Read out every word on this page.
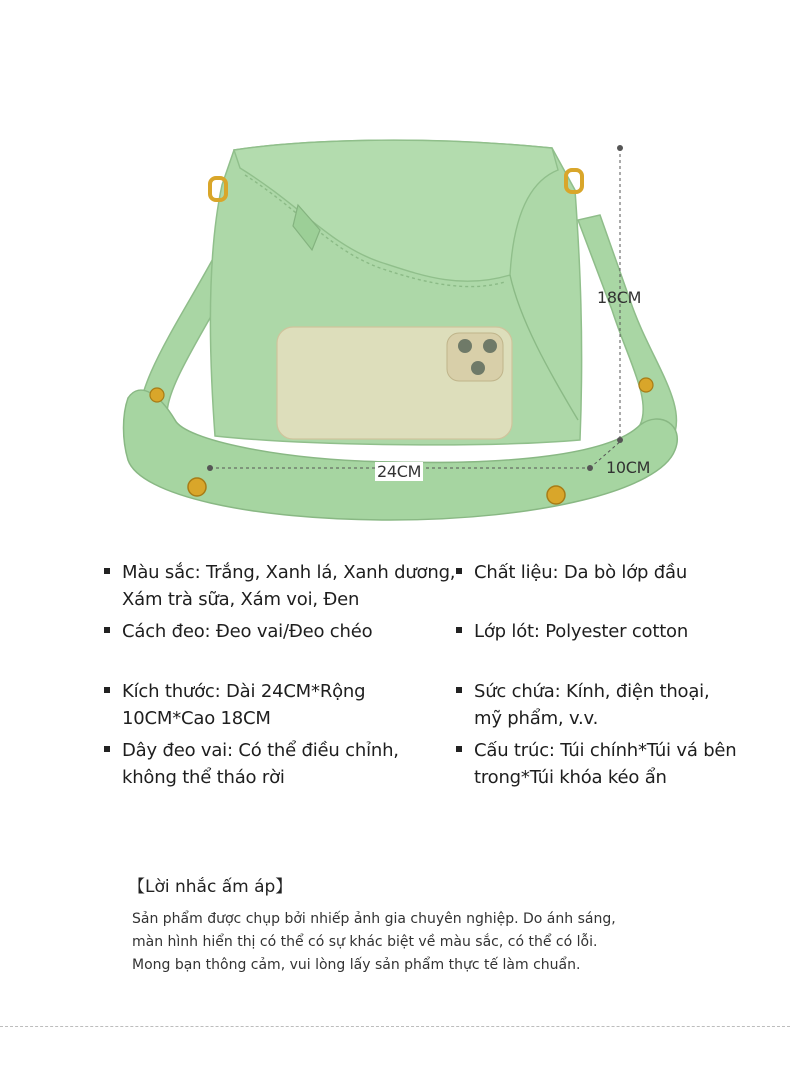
18CM
24CM	10CM
Màu sắc: Trắng, Xanh lá, Xanh dương,
Xám trà sữa, Xám voi, Đen
Chất liệu: Da bò lớp đầu
Cách đeo: Đeo vai/Đeo chéo	Lớp lót: Polyester cotton
Kích thước: Dài 24CM*Rộng
10CM*Cao 18CM
Sức chứa: Kính, điện thoại,
mỹ phẩm, v.v.
Dây đeo vai: Có thể điều chỉnh,
không thể tháo rời
Cấu trúc: Túi chính*Túi vá bên
trong*Túi khóa kéo ẩn
【Lời nhắc ấm áp】
Sản phẩm được chụp bởi nhiếp ảnh gia chuyên nghiệp. Do ánh sáng,
màn hình hiển thị có thể có sự khác biệt về màu sắc, có thể có lỗi.
Mong bạn thông cảm, vui lòng lấy sản phẩm thực tế làm chuẩn.
